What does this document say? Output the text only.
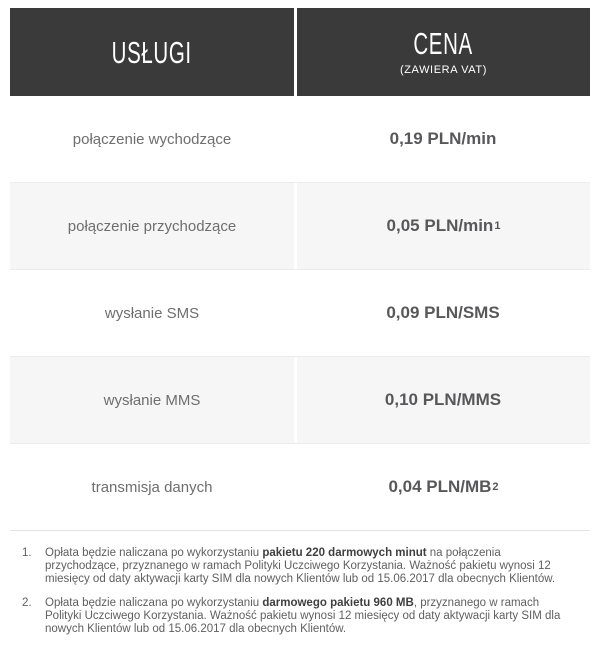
USŁUGI	CENA
(ZAWIERA VAT)
połączenie wychodzące	0,19 PLN/min
połączenie przychodzące	0,05 PLN/min 1
wysłanie SMS	0,09 PLN/SMS
wysłanie MMS	0,10 PLN/MMS
transmisja danych	0,04 PLN/MB 2
1.	Opłata będzie naliczana po wykorzystaniu pakietu 220 darmowych minut na połączenia przychodzące, przyznanego w ramach Polityki Uczciwego Korzystania. Ważność pakietu wynosi 12 miesięcy od daty aktywacji karty SIM dla nowych Klientów lub od 15.06.2017 dla obecnych Klientów.
2.	Opłata będzie naliczana po wykorzystaniu darmowego pakietu 960 MB, przyznanego w ramach Polityki Uczciwego Korzystania. Ważność pakietu wynosi 12 miesięcy od daty aktywacji karty SIM dla nowych Klientów lub od 15.06.2017 dla obecnych Klientów.
